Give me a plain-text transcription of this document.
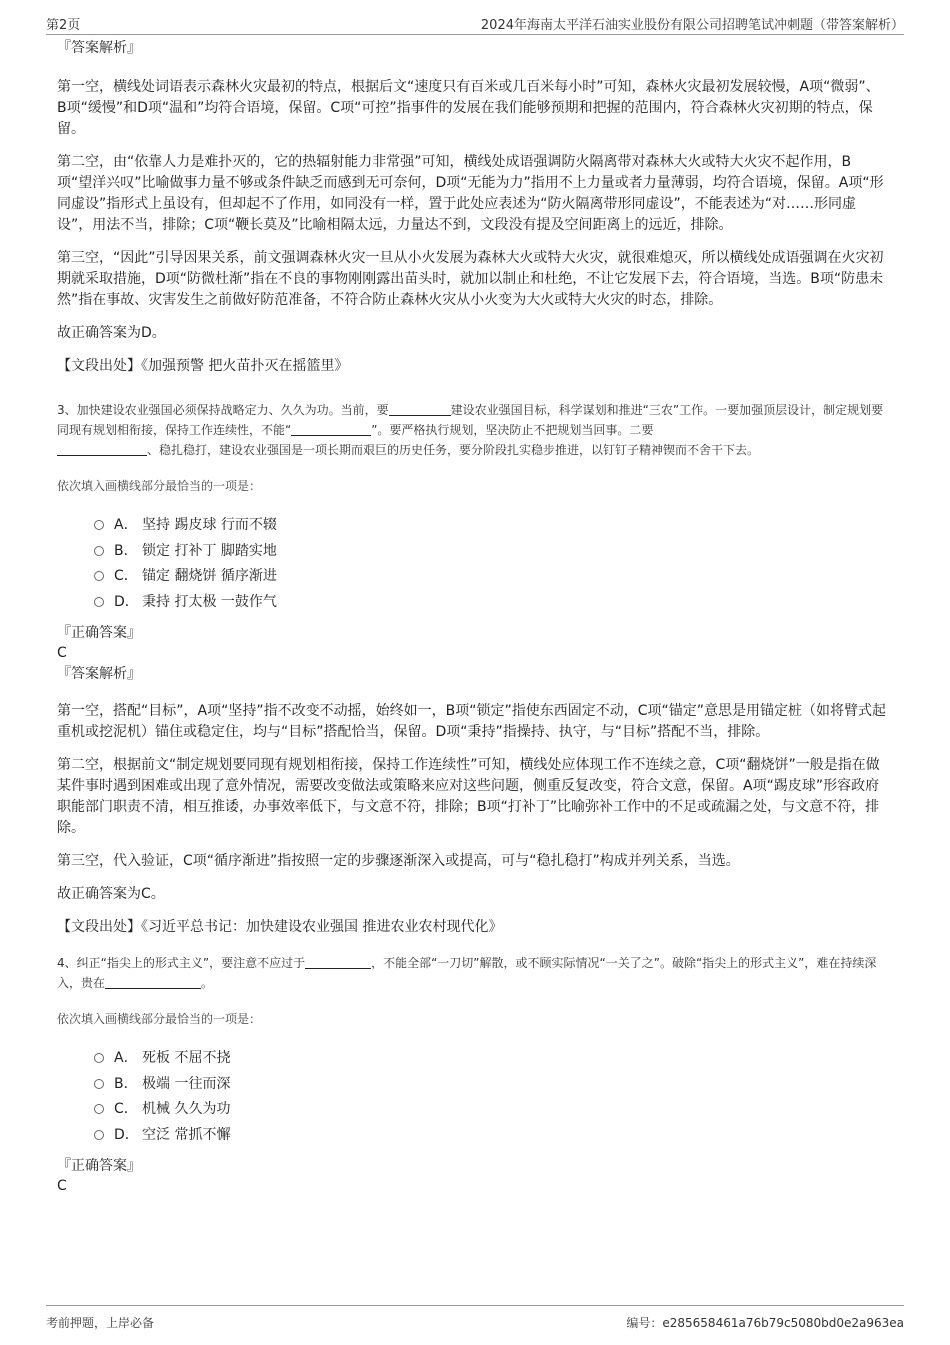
第2页	2024年海南太平洋石油实业股份有限公司招聘笔试冲刺题（带答案解析）

『答案解析』

第一空，横线处词语表示森林火灾最初的特点，根据后文“速度只有百米或几百米每小时”可知，森林火灾最初发展较慢，A项“微弱”、B项“缓慢”和D项“温和”均符合语境，保留。C项“可控”指事件的发展在我们能够预期和把握的范围内，符合森林火灾初期的特点，保留。

第二空，由“依靠人力是难扑灭的，它的热辐射能力非常强”可知，横线处成语强调防火隔离带对森林大火或特大火灾不起作用，B项“望洋兴叹”比喻做事力量不够或条件缺乏而感到无可奈何，D项“无能为力”指用不上力量或者力量薄弱，均符合语境，保留。A项“形同虚设”指形式上虽设有，但却起不了作用，如同没有一样，置于此处应表述为“防火隔离带形同虚设”，不能表述为“对……形同虚设”，用法不当，排除；C项“鞭长莫及”比喻相隔太远，力量达不到，文段没有提及空间距离上的远近，排除。

第三空，“因此”引导因果关系，前文强调森林火灾一旦从小火发展为森林大火或特大火灾，就很难熄灭，所以横线处成语强调在火灾初期就采取措施，D项“防微杜渐”指在不良的事物刚刚露出苗头时，就加以制止和杜绝，不让它发展下去，符合语境，当选。B项“防患未然”指在事故、灾害发生之前做好防范准备，不符合防止森林火灾从小火变为大火或特大火灾的时态，排除。

故正确答案为D。

【文段出处】《加强预警 把火苗扑灭在摇篮里》

3、加快建设农业强国必须保持战略定力、久久为功。当前，要	建设农业强国目标，科学谋划和推进“三农”工作。一要加强顶层设计，制定规划要同现有规划相衔接，保持工作连续性，不能“	”。要严格执行规划，坚决防止不把规划当回事。二要
、稳扎稳打，建设农业强国是一项长期而艰巨的历史任务，要分阶段扎实稳步推进，以钉钉子精神锲而不舍干下去。

依次填入画横线部分最恰当的一项是：

A． 坚持 踢皮球 行而不辍
B． 锁定 打补丁 脚踏实地
C． 锚定 翻烧饼 循序渐进
D． 秉持 打太极 一鼓作气

『正确答案』

C

『答案解析』

第一空，搭配“目标”，A项“坚持”指不改变不动摇，始终如一，B项“锁定”指使东西固定不动，C项“锚定”意思是用锚定桩（如将臂式起重机或挖泥机）锚住或稳定住，均与“目标”搭配恰当，保留。D项“秉持”指操持、执守，与“目标”搭配不当，排除。

第二空，根据前文“制定规划要同现有规划相衔接，保持工作连续性”可知，横线处应体现工作不连续之意，C项“翻烧饼”一般是指在做某件事时遇到困难或出现了意外情况，需要改变做法或策略来应对这些问题，侧重反复改变，符合文意，保留。A项“踢皮球”形容政府职能部门职责不清，相互推诿，办事效率低下，与文意不符，排除；B项“打补丁”比喻弥补工作中的不足或疏漏之处，与文意不符，排除。

第三空，代入验证，C项“循序渐进”指按照一定的步骤逐渐深入或提高，可与“稳扎稳打”构成并列关系，当选。

故正确答案为C。

【文段出处】《习近平总书记：加快建设农业强国 推进农业农村现代化》

4、纠正“指尖上的形式主义”，要注意不应过于	，不能全部“一刀切”解散，或不顾实际情况“一关了之”。破除“指尖上的形式主义”，难在持续深入，贵在	。

依次填入画横线部分最恰当的一项是：

A． 死板 不屈不挠
B． 极端 一往而深
C． 机械 久久为功
D． 空泛 常抓不懈

『正确答案』

C

考前押题，上岸必备	编号：e285658461a76b79c5080bd0e2a963ea
